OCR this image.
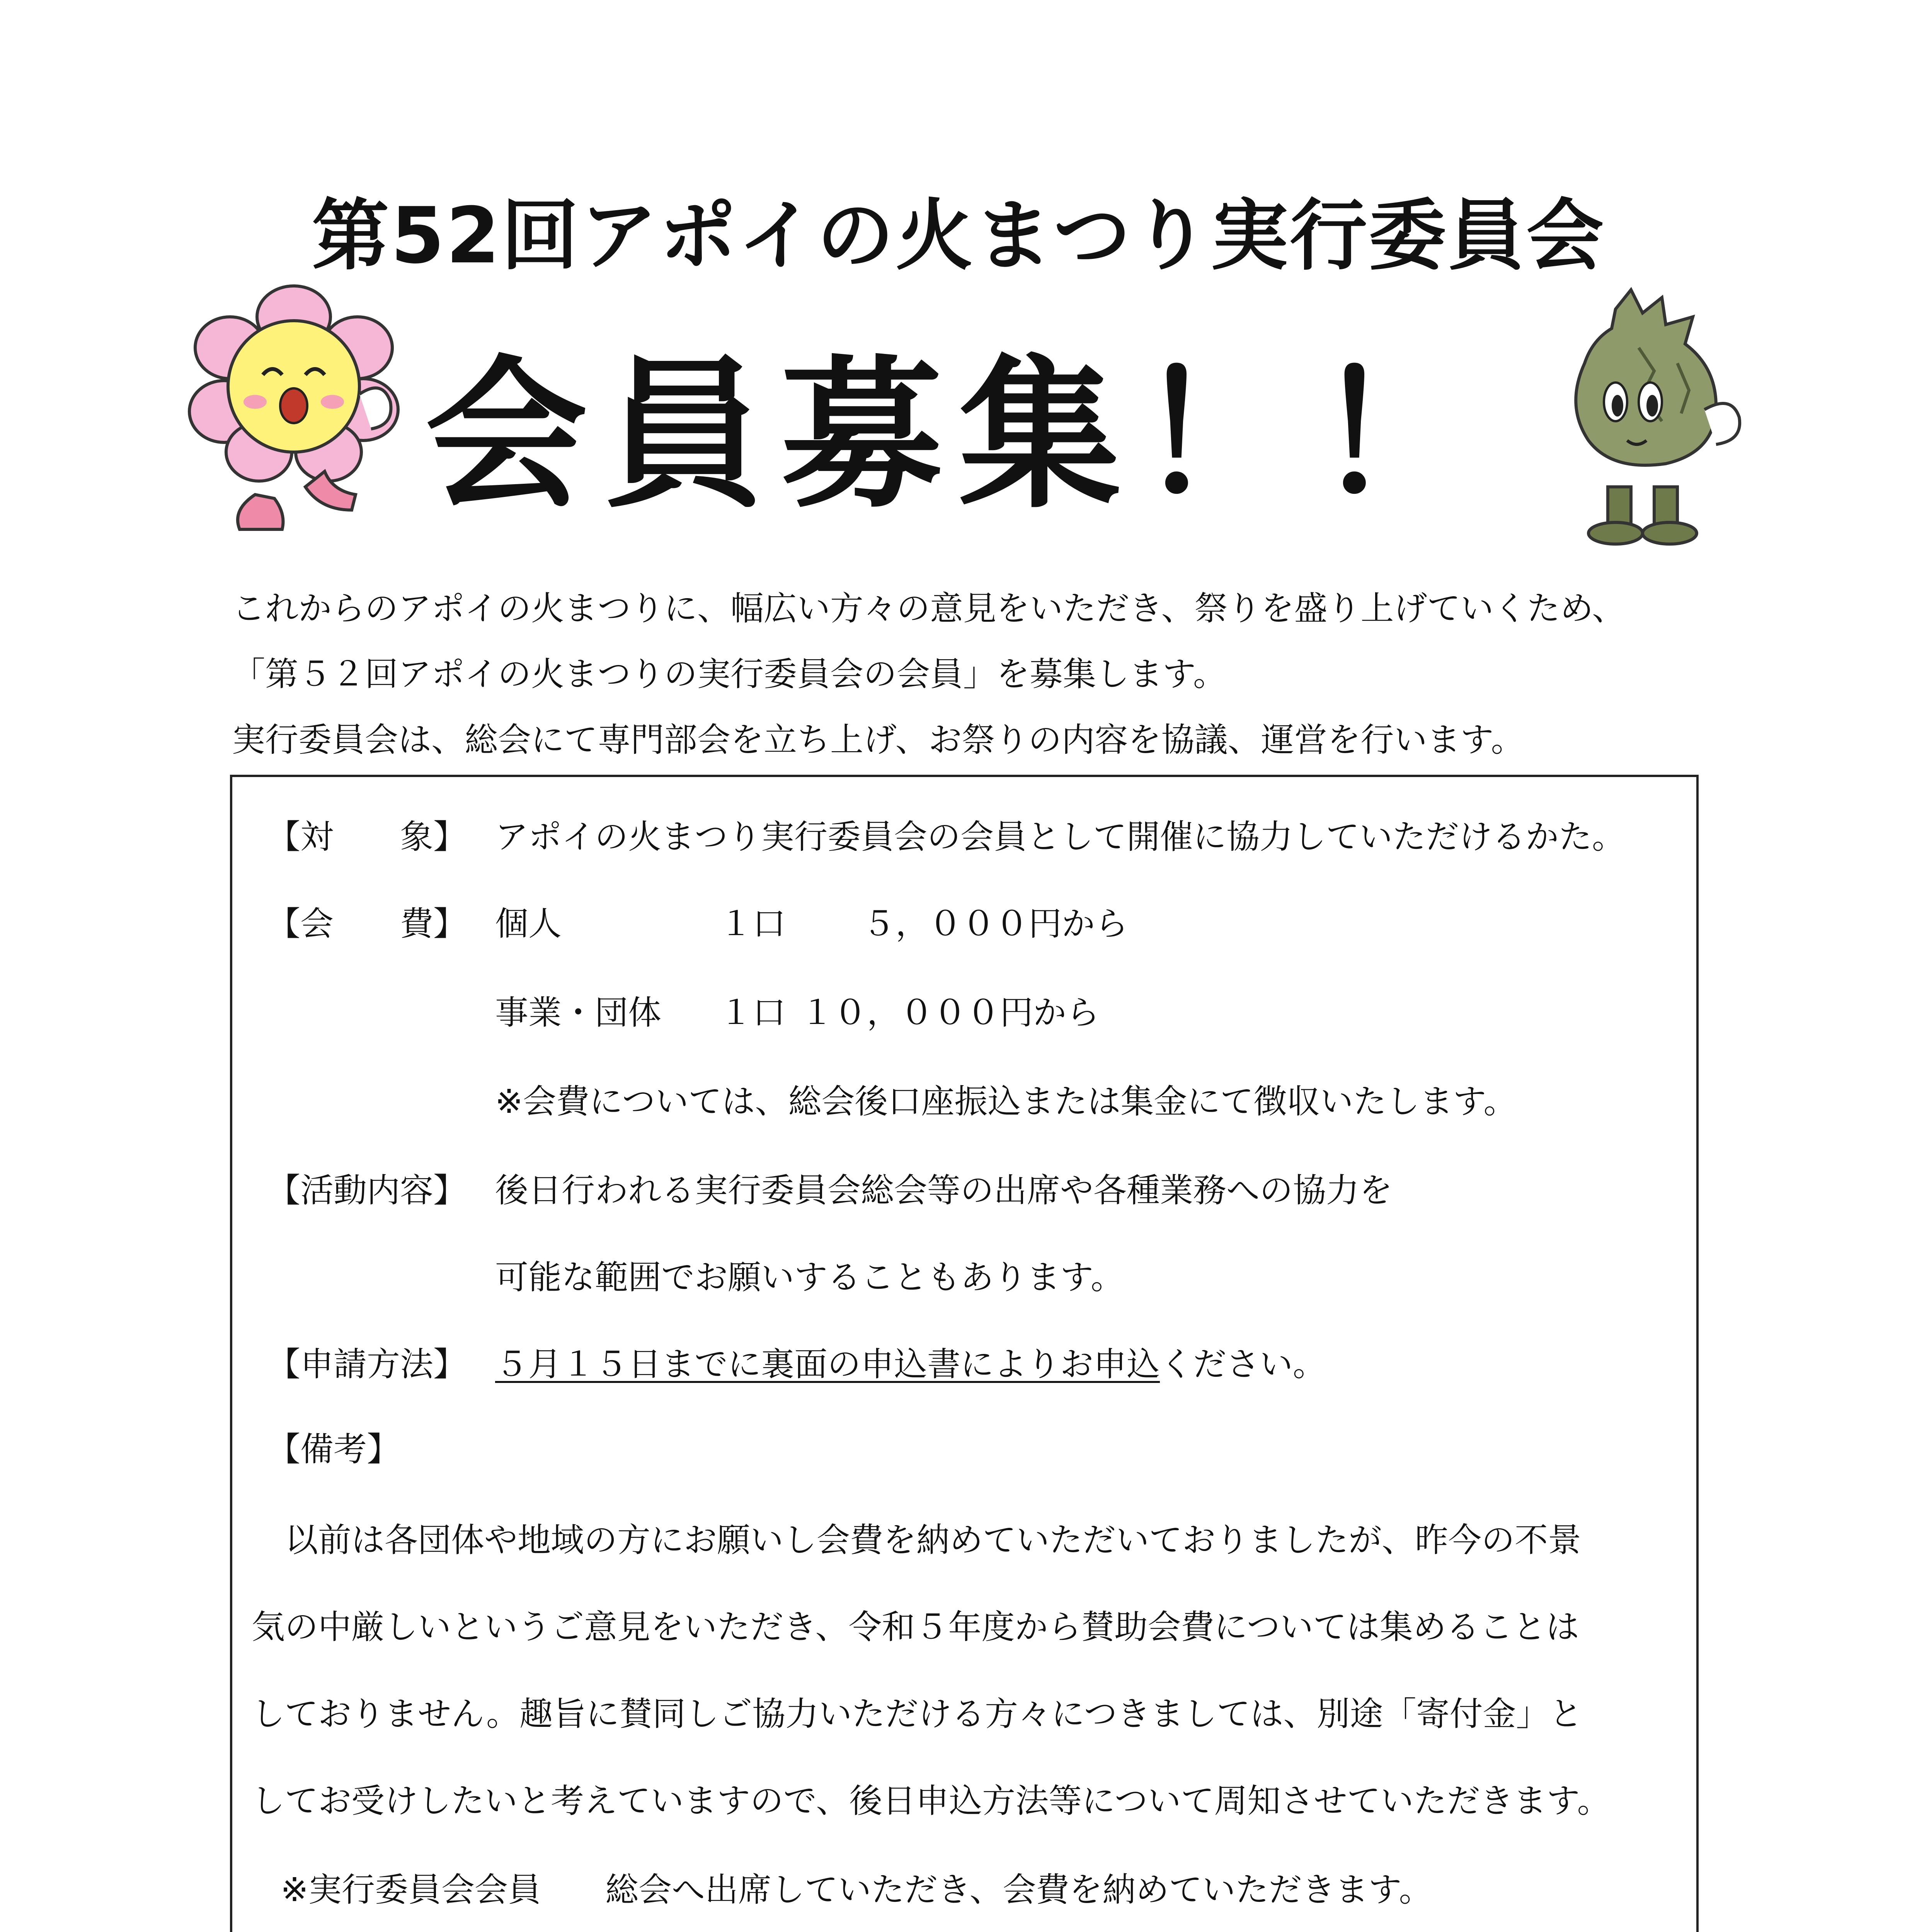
第52回アポイの火まつり実行委員会
会員募集！！

これからのアポイの火まつりに、幅広い方々の意見をいただき、祭りを盛り上げていくため、

「第５２回アポイの火まつりの実行委員会の会員」を募集します。

実行委員会は、総会にて専門部会を立ち上げ、お祭りの内容を協議、運営を行います。

【対　　象】 アポイの火まつり実行委員会の会員として開催に協力していただけるかた。
【会　　費】 個人	１口 ５，０００円から
事業・団体 １口 １０，０００円から
※会費については、総会後口座振込または集金にて徴収いたします。
【活動内容】 後日行われる実行委員会総会等の出席や各種業務への協力を
可能な範囲でお願いすることもあります。
【申請方法】 ５月１５日までに裏面の申込書によりお申込ください。
【備考】
　以前は各団体や地域の方にお願いし会費を納めていただいておりましたが、昨今の不景
気の中厳しいというご意見をいただき、令和５年度から賛助会費については集めることは
しておりません。趣旨に賛同しご協力いただける方々につきましては、別途「寄付金」と
してお受けしたいと考えていますので、後日申込方法等について周知させていただきます。
※実行委員会会員 総会へ出席していただき、会費を納めていただきます。
